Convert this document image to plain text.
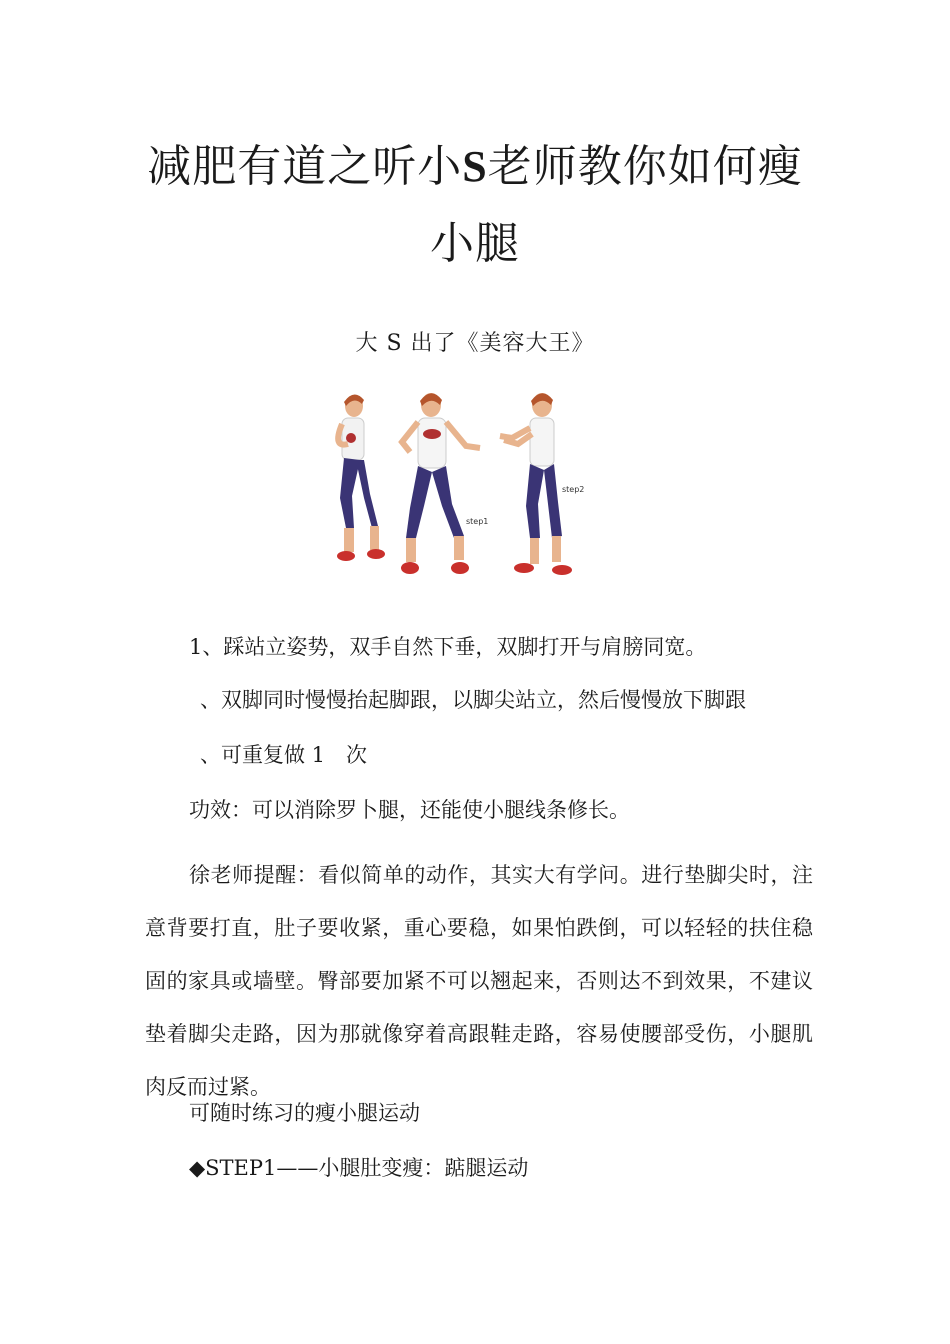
减肥有道之听小S老师教你如何瘦
小腿
大 S 出了《美容大王》
step1
step2
1、踩站立姿势，双手自然下垂，双脚打开与肩膀同宽。
、双脚同时慢慢抬起脚跟，以脚尖站立，然后慢慢放下脚跟
、可重复做 1　次
功效：可以消除罗卜腿，还能使小腿线条修长。
徐老师提醒：看似简单的动作，其实大有学问。进行垫脚尖时，注意背要打直，肚子要收紧，重心要稳，如果怕跌倒，可以轻轻的扶住稳固的家具或墙壁。臀部要加紧不可以翘起来，否则达不到效果，不建议垫着脚尖走路，因为那就像穿着高跟鞋走路，容易使腰部受伤，小腿肌肉反而过紧。
可随时练习的瘦小腿运动
◆STEP1——小腿肚变瘦：踮腿运动
